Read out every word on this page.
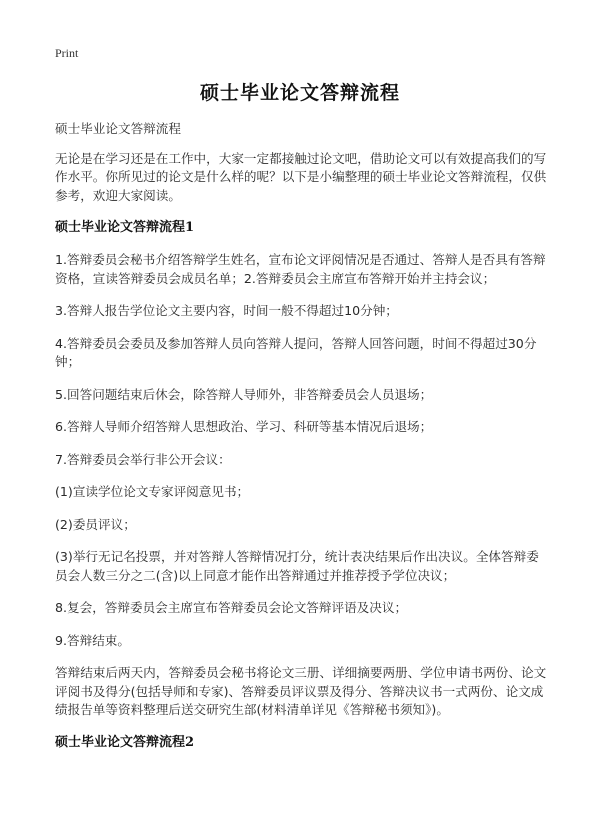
Print
硕士毕业论文答辩流程

硕士毕业论文答辩流程

无论是在学习还是在工作中，大家一定都接触过论文吧，借助论文可以有效提高我们的写作水平。你所见过的论文是什么样的呢？以下是小编整理的硕士毕业论文答辩流程，仅供参考，欢迎大家阅读。

硕士毕业论文答辩流程1

1.答辩委员会秘书介绍答辩学生姓名，宣布论文评阅情况是否通过、答辩人是否具有答辩资格，宣读答辩委员会成员名单；2.答辩委员会主席宣布答辩开始并主持会议；

3.答辩人报告学位论文主要内容，时间一般不得超过10分钟；

4.答辩委员会委员及参加答辩人员向答辩人提问，答辩人回答问题，时间不得超过30分钟；

5.回答问题结束后休会，除答辩人导师外，非答辩委员会人员退场；

6.答辩人导师介绍答辩人思想政治、学习、科研等基本情况后退场；

7.答辩委员会举行非公开会议：

(1)宣读学位论文专家评阅意见书；

(2)委员评议；

(3)举行无记名投票，并对答辩人答辩情况打分，统计表决结果后作出决议。全体答辩委员会人数三分之二(含)以上同意才能作出答辩通过并推荐授予学位决议；

8.复会，答辩委员会主席宣布答辩委员会论文答辩评语及决议；

9.答辩结束。

答辩结束后两天内，答辩委员会秘书将论文三册、详细摘要两册、学位申请书两份、论文评阅书及得分(包括导师和专家)、答辩委员评议票及得分、答辩决议书一式两份、论文成绩报告单等资料整理后送交研究生部(材料清单详见《答辩秘书须知》)。

硕士毕业论文答辩流程2
